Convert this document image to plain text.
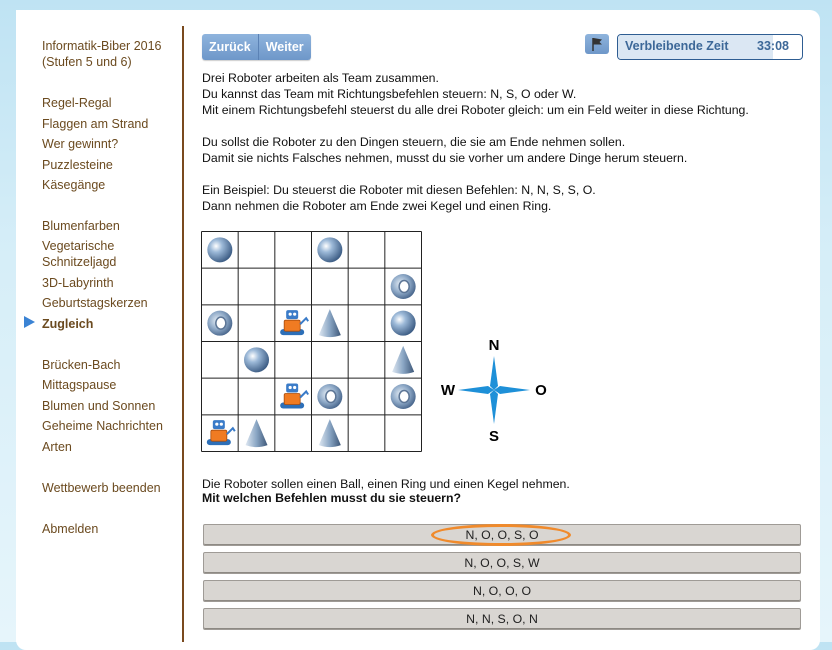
Informatik-Biber 2016
(Stufen 5 und 6)
Regel-Regal
Flaggen am Strand
Wer gewinnt?
Puzzlesteine
Käsegänge
Blumenfarben
Vegetarische
Schnitzeljagd
3D-Labyrinth
Geburtstagskerzen
Zugleich
Brücken-Bach
Mittagspause
Blumen und Sonnen
Geheime Nachrichten
Arten
Wettbewerb beenden
Abmelden
Zurück	Weiter	Verbleibende Zeit 33:08

Drei Roboter arbeiten als Team zusammen.

Du kannst das Team mit Richtungsbefehlen steuern: N, S, O oder W.

Mit einem Richtungsbefehl steuerst du alle drei Roboter gleich: um ein Feld weiter in diese Richtung.

Du sollst die Roboter zu den Dingen steuern, die sie am Ende nehmen sollen.

Damit sie nichts Falsches nehmen, musst du sie vorher um andere Dinge herum steuern.

Ein Beispiel: Du steuerst die Roboter mit diesen Befehlen: N, N, S, S, O.

Dann nehmen die Roboter am Ende zwei Kegel und einen Ring.

N
S
W	O
Die Roboter sollen einen Ball, einen Ring und einen Kegel nehmen.
Mit welchen Befehlen musst du sie steuern?
N, O, O, S, O
N, O, O, S, W
N, O, O, O
N, N, S, O, N
